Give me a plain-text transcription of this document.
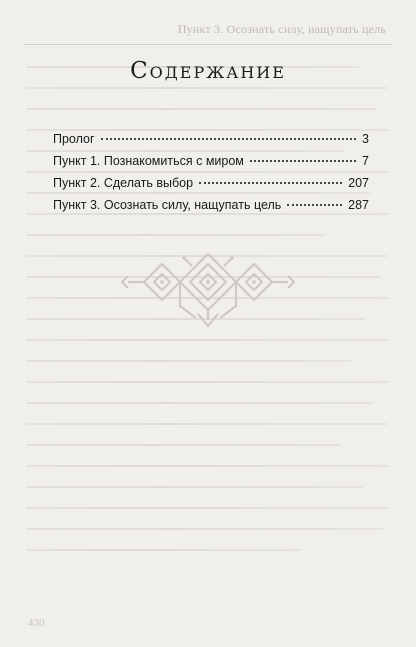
Пункт 3. Осознать силу, нащупать цель
430
Содержание
Пролог	3
Пункт 1. Познакомиться с миром	7
Пункт 2. Сделать выбор	207
Пункт 3. Осознать силу, нащупать цель	287
